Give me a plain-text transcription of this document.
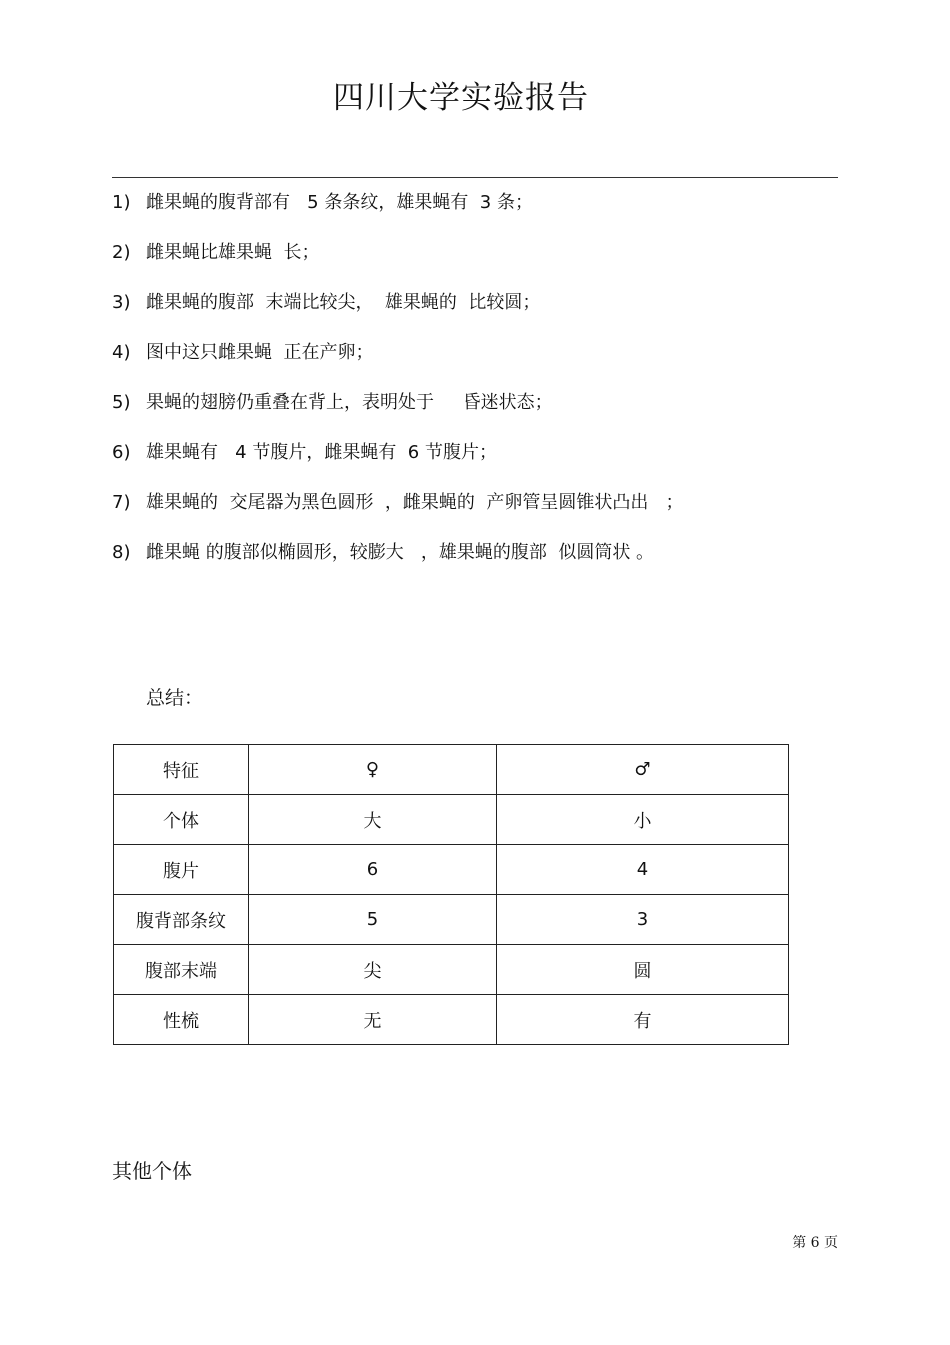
四川大学实验报告
1) 雌果蝇的腹背部有   5 条条纹，雄果蝇有  3 条；
2) 雌果蝇比雄果蝇  长；
3) 雌果蝇的腹部  末端比较尖，  雄果蝇的  比较圆；
4) 图中这只雌果蝇  正在产卵；
5) 果蝇的翅膀仍重叠在背上，表明处于     昏迷状态；
6) 雄果蝇有   4 节腹片，雌果蝇有  6 节腹片；
7) 雄果蝇的  交尾器为黑色圆形  ，雌果蝇的  产卵管呈圆锥状凸出   ；
8) 雌果蝇 的腹部似椭圆形，较膨大   ，雄果蝇的腹部  似圆筒状 。
总结：
特征	♀	♂
个体	大	小
腹片	6	4
腹背部条纹	5	3
腹部末端	尖	圆
性梳	无	有
其他个体
第 6 页
